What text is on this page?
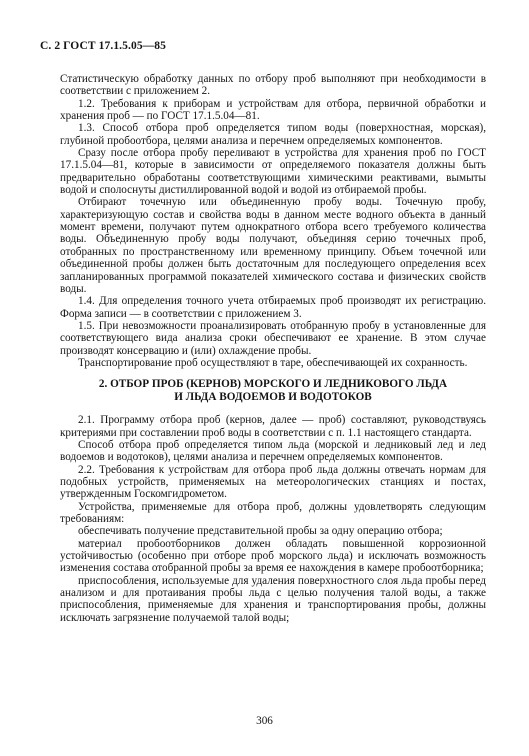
С. 2 ГОСТ 17.1.5.05—85

Статистическую обработку данных по отбору проб выполняют при необходимости в соответствии с приложением 2.

1.2. Требования к приборам и устройствам для отбора, первичной обработки и хранения проб — по ГОСТ 17.1.5.04—81.

1.3. Способ отбора проб определяется типом воды (поверхностная, морская), глубиной пробоотбора, целями анализа и перечнем определяемых компонентов.

Сразу после отбора пробу переливают в устройства для хранения проб по ГОСТ 17.1.5.04—81, которые в зависимости от определяемого показателя должны быть предварительно обработаны соответствующими химическими реактивами, вымыты водой и сполоснуты дистиллированной водой и водой из отбираемой пробы.

Отбирают точечную или объединенную пробу воды. Точечную пробу, характеризующую состав и свойства воды в данном месте водного объекта в данный момент времени, получают путем однократного отбора всего требуемого количества воды. Объединенную пробу воды получают, объединяя серию точечных проб, отобранных по пространственному или временному принципу. Объем точечной или объединенной пробы должен быть достаточным для последующего определения всех запланированных программой показателей химического состава и физических свойств воды.

1.4. Для определения точного учета отбираемых проб производят их регистрацию. Форма записи — в соответствии с приложением 3.

1.5. При невозможности проанализировать отобранную пробу в установленные для соответствующего вида анализа сроки обеспечивают ее хранение. В этом случае производят консервацию и (или) охлаждение пробы.

Транспортирование проб осуществляют в таре, обеспечивающей их сохранность.

2. ОТБОР ПРОБ (КЕРНОВ) МОРСКОГО И ЛЕДНИКОВОГО ЛЬДА
И ЛЬДА ВОДОЕМОВ И ВОДОТОКОВ

2.1. Программу отбора проб (кернов, далее — проб) составляют, руководствуясь критериями при составлении проб воды в соответствии с п. 1.1 настоящего стандарта.

Способ отбора проб определяется типом льда (морской и ледниковый лед и лед водоемов и водотоков), целями анализа и перечнем определяемых компонентов.

2.2. Требования к устройствам для отбора проб льда должны отвечать нормам для подобных устройств, применяемых на метеорологических станциях и постах, утвержденным Госкомгидрометом.

Устройства, применяемые для отбора проб, должны удовлетворять следующим требованиям:

обеспечивать получение представительной пробы за одну операцию отбора;

материал пробоотборников должен обладать повышенной коррозионной устойчивостью (особенно при отборе проб морского льда) и исключать возможность изменения состава отобранной пробы за время ее нахождения в камере пробоотборника;

приспособления, используемые для удаления поверхностного слоя льда пробы перед анализом и для протаивания пробы льда с целью получения талой воды, а также приспособления, применяемые для хранения и транспортирования пробы, должны исключать загрязнение получаемой талой воды;

306
